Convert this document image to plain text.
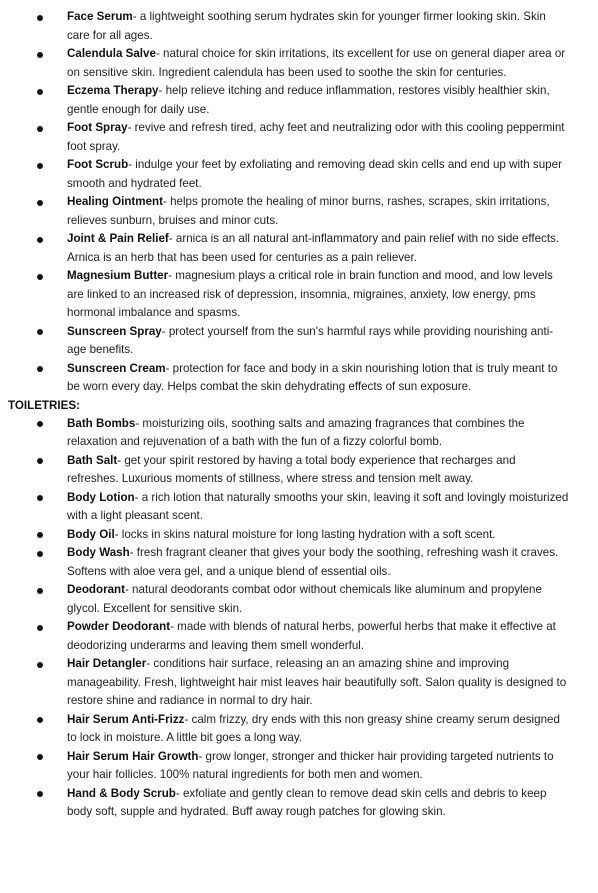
Face Serum- a lightweight soothing serum hydrates skin for younger firmer looking skin. Skin care for all ages.
Calendula Salve- natural choice for skin irritations, its excellent for use on general diaper area or on sensitive skin. Ingredient calendula has been used to soothe the skin for centuries.
Eczema Therapy- help relieve itching and reduce inflammation, restores visibly healthier skin, gentle enough for daily use.
Foot Spray- revive and refresh tired, achy feet and neutralizing odor with this cooling peppermint foot spray.
Foot Scrub- indulge your feet by exfoliating and removing dead skin cells and end up with super smooth and hydrated feet.
Healing Ointment- helps promote the healing of minor burns, rashes, scrapes, skin irritations, relieves sunburn, bruises and minor cuts.
Joint & Pain Relief- arnica is an all natural ant-inflammatory and pain relief with no side effects. Arnica is an herb that has been used for centuries as a pain reliever.
Magnesium Butter- magnesium plays a critical role in brain function and mood, and low levels are linked to an increased risk of depression, insomnia, migraines, anxiety, low energy, pms hormonal imbalance and spasms.
Sunscreen Spray- protect yourself from the sun's harmful rays while providing nourishing anti-age benefits.
Sunscreen Cream- protection for face and body in a skin nourishing lotion that is truly meant to be worn every day. Helps combat the skin dehydrating effects of sun exposure.
TOILETRIES:
Bath Bombs- moisturizing oils, soothing salts and amazing fragrances that combines the relaxation and rejuvenation of a bath with the fun of a fizzy colorful bomb.
Bath Salt- get your spirit restored by having a total body experience that recharges and refreshes. Luxurious moments of stillness, where stress and tension melt away.
Body Lotion- a rich lotion that naturally smooths your skin, leaving it soft and lovingly moisturized with a light pleasant scent.
Body Oil- locks in skins natural moisture for long lasting hydration with a soft scent.
Body Wash- fresh fragrant cleaner that gives your body the soothing, refreshing wash it craves. Softens with aloe vera gel, and a unique blend of essential oils.
Deodorant- natural deodorants combat odor without chemicals like aluminum and propylene glycol. Excellent for sensitive skin.
Powder Deodorant- made with blends of natural herbs, powerful herbs that make it effective at deodorizing underarms and leaving them smell wonderful.
Hair Detangler- conditions hair surface, releasing an an amazing shine and improving manageability. Fresh, lightweight hair mist leaves hair beautifully soft. Salon quality is designed to restore shine and radiance in normal to dry hair.
Hair Serum Anti-Frizz- calm frizzy, dry ends with this non greasy shine creamy serum designed to lock in moisture. A little bit goes a long way.
Hair Serum Hair Growth- grow longer, stronger and thicker hair providing targeted nutrients to your hair follicles. 100% natural ingredients for both men and women.
Hand & Body Scrub- exfoliate and gently clean to remove dead skin cells and debris to keep body soft, supple and hydrated. Buff away rough patches for glowing skin.
